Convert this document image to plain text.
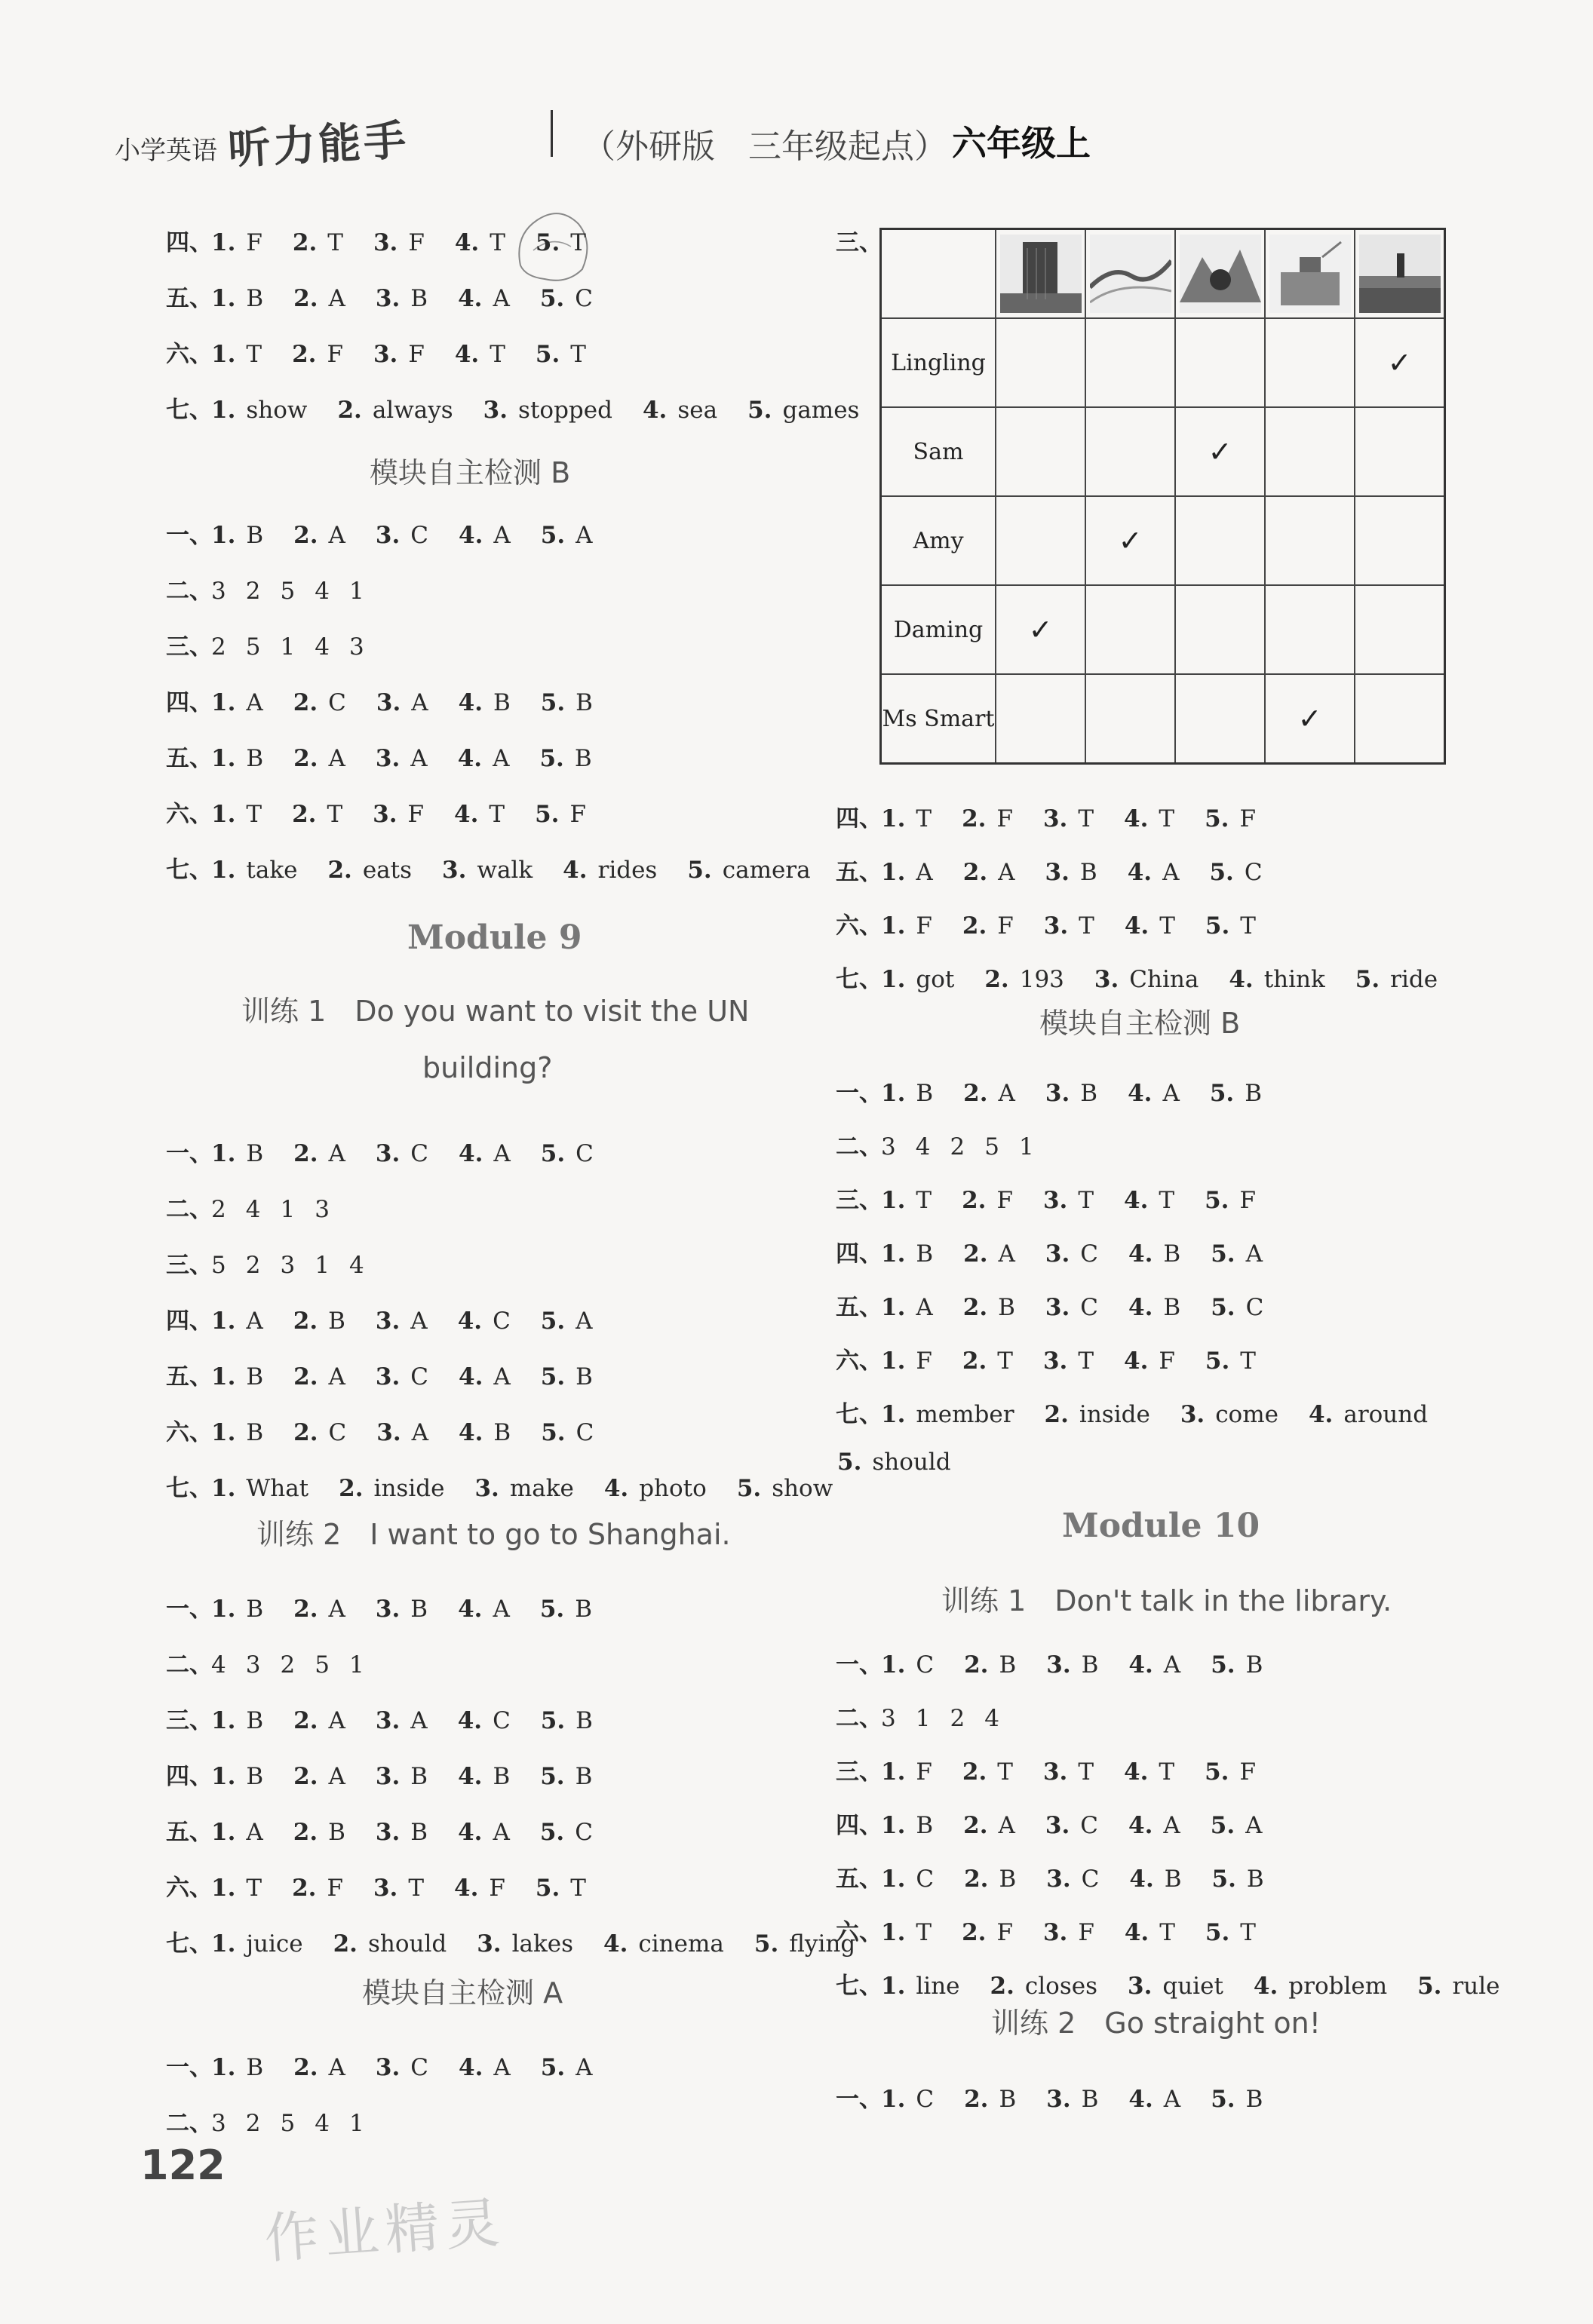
小学英语 听力能手	（外研版　三年级起点） 六年级上
四、1. F 2. T 3. F 4. T 5. T
五、1. B 2. A 3. B 4. A 5. C
六、1. T 2. F 3. F 4. T 5. T
七、1. show 2. always 3. stopped 4. sea 5. games
模块自主检测 B
一、1. B 2. A 3. C 4. A 5. A
二、3 2 5 4 1
三、2 5 1 4 3
四、1. A 2. C 3. A 4. B 5. B
五、1. B 2. A 3. A 4. A 5. B
六、1. T 2. T 3. F 4. T 5. F
七、1. take 2. eats 3. walk 4. rides 5. camera
Module 9
训练 1　Do you want to visit the UN
building?
一、1. B 2. A 3. C 4. A 5. C
二、2 4 1 3
三、5 2 3 1 4
四、1. A 2. B 3. A 4. C 5. A
五、1. B 2. A 3. C 4. A 5. B
六、1. B 2. C 3. A 4. B 5. C
七、1. What 2. inside 3. make 4. photo 5. show
训练 2　I want to go to Shanghai.
一、1. B 2. A 3. B 4. A 5. B
二、4 3 2 5 1
三、1. B 2. A 3. A 4. C 5. B
四、1. B 2. A 3. B 4. B 5. B
五、1. A 2. B 3. B 4. A 5. C
六、1. T 2. F 3. T 4. F 5. T
七、1. juice 2. should 3. lakes 4. cinema 5. flying
模块自主检测 A
一、1. B 2. A 3. C 4. A 5. A
二、3 2 5 4 1
四、1. T 2. F 3. T 4. T 5. F
五、1. A 2. A 3. B 4. A 5. C
六、1. F 2. F 3. T 4. T 5. T
七、1. got 2. 193 3. China 4. think 5. ride
模块自主检测 B
一、1. B 2. A 3. B 4. A 5. B
二、3 4 2 5 1
三、1. T 2. F 3. T 4. T 5. F
四、1. B 2. A 3. C 4. B 5. A
五、1. A 2. B 3. C 4. B 5. C
六、1. F 2. T 3. T 4. F 5. T
七、1. member 2. inside 3. come 4. around
5. should
Module 10
训练 1　Don't talk in the library.
一、1. C 2. B 3. B 4. A 5. B
二、3 1 2 4
三、1. F 2. T 3. T 4. T 5. F
四、1. B 2. A 3. C 4. A 5. A
五、1. C 2. B 3. C 4. B 5. B
六、1. T 2. F 3. F 4. T 5. T
七、1. line 2. closes 3. quiet 4. problem 5. rule
训练 2　Go straight on!
一、1. C 2. B 3. B 4. A 5. B
三、

Lingling					✓
Sam			✓		
Amy		✓			
Daming	✓				
Ms Smart				✓	
122
作业精灵
